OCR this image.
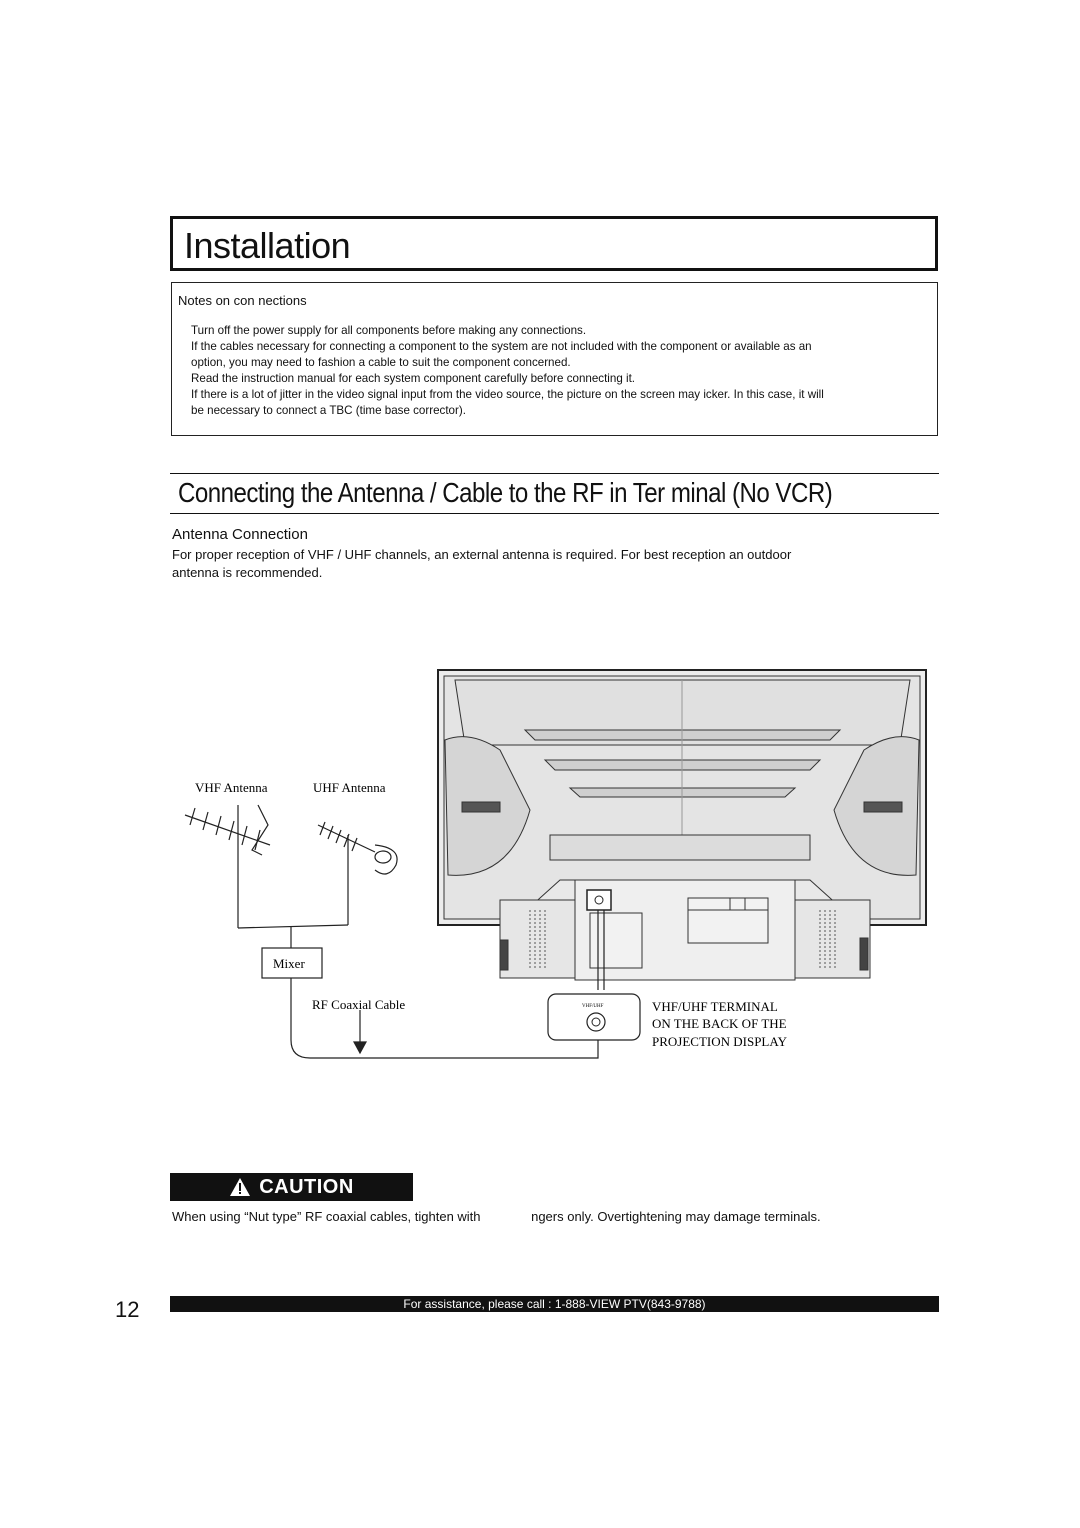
Installation
Notes on con nections
Turn off the power supply for all components before making any connections.
If the cables necessary for connecting a component to the system are not included with the component or available as an
option, you may need to fashion a cable to suit the component concerned.
Read the instruction manual for each system component carefully before connecting it.
If there is a lot of jitter in the video signal input from the video source, the picture on the screen may icker. In this case, it will
be necessary to connect a TBC (time base corrector).
Connecting the Antenna / Cable to the RF in Ter minal (No VCR)
Antenna Connection
For proper reception of VHF / UHF channels, an external antenna is required. For best reception an outdoor
antenna is recommended.
VHF Antenna	UHF Antenna
Mixer
RF Coaxial Cable	VHF/UHF	VHF/UHF TERMINAL
ON THE BACK OF THE
PROJECTION DISPLAY
CAUTION
When using “Nut type” RF coaxial cables, tighten with              ngers only. Overtightening may damage terminals.
12	For assistance, please call : 1-888-VIEW PTV(843-9788)
